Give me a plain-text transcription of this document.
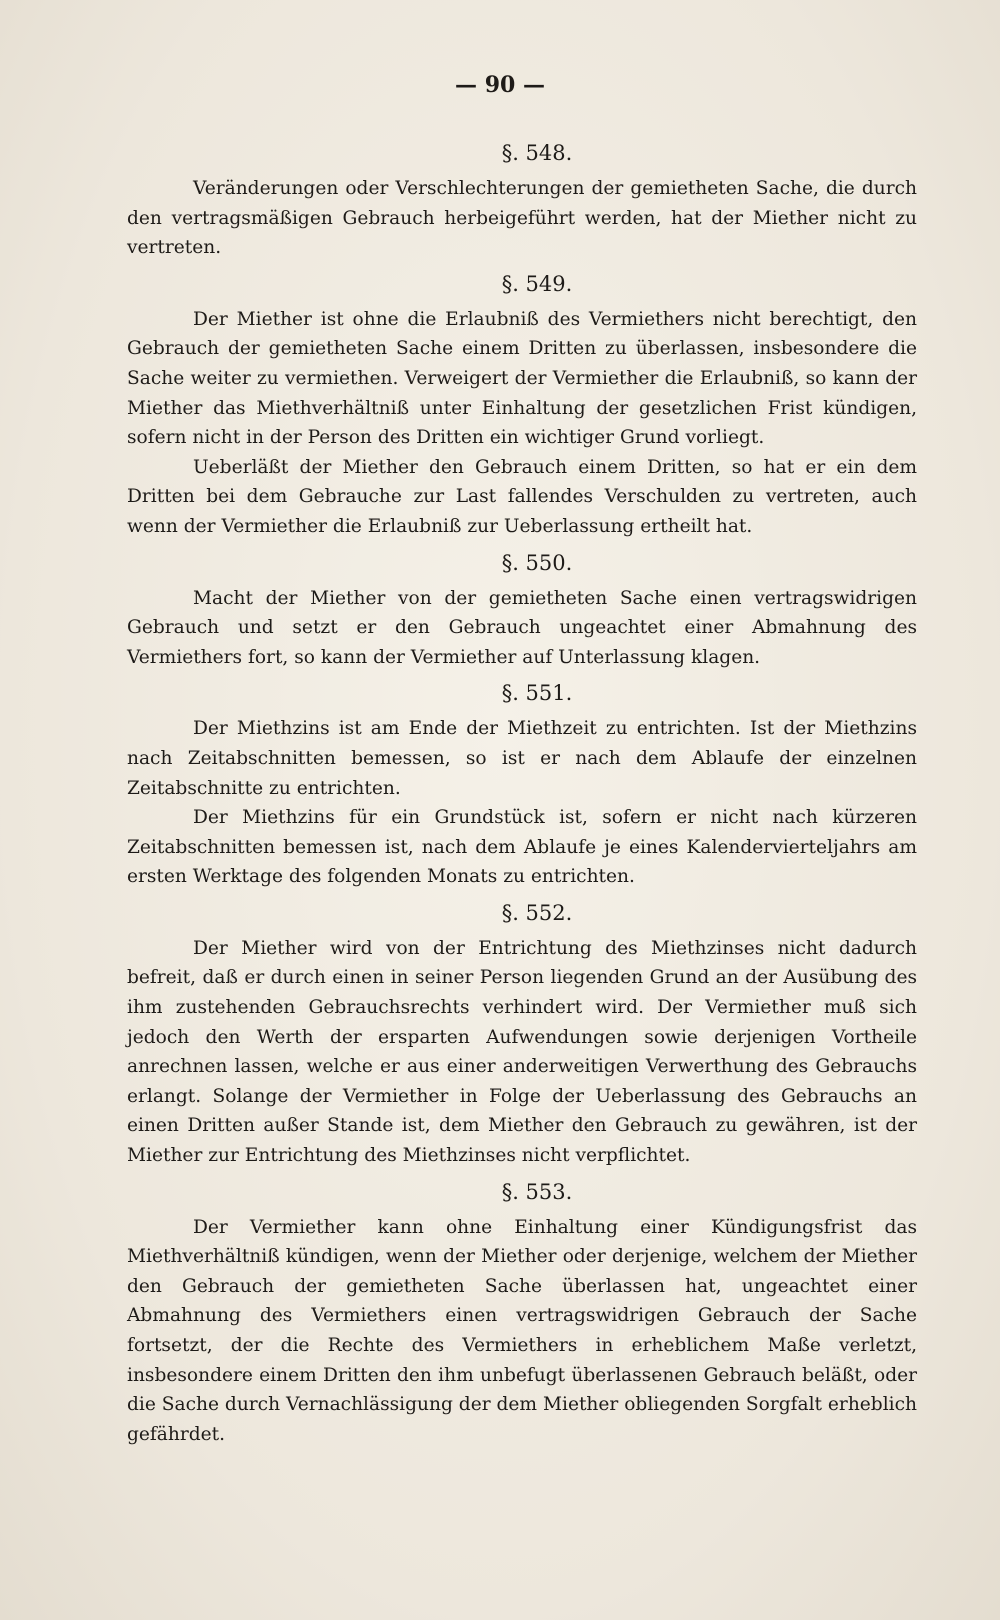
— 90 —
§. 548.

Veränderungen oder Verschlechterungen der gemietheten Sache, die durch den vertragsmäßigen Gebrauch herbeigeführt werden, hat der Miether nicht zu vertreten.

§. 549.

Der Miether ist ohne die Erlaubniß des Vermiethers nicht berechtigt, den Gebrauch der gemietheten Sache einem Dritten zu überlassen, insbesondere die Sache weiter zu vermiethen. Verweigert der Vermiether die Erlaubniß, so kann der Miether das Miethverhältniß unter Einhaltung der gesetzlichen Frist kündigen, sofern nicht in der Person des Dritten ein wichtiger Grund vorliegt.

Ueberläßt der Miether den Gebrauch einem Dritten, so hat er ein dem Dritten bei dem Gebrauche zur Last fallendes Verschulden zu vertreten, auch wenn der Vermiether die Erlaubniß zur Ueberlassung ertheilt hat.

§. 550.

Macht der Miether von der gemietheten Sache einen vertragswidrigen Gebrauch und setzt er den Gebrauch ungeachtet einer Abmahnung des Vermiethers fort, so kann der Vermiether auf Unterlassung klagen.

§. 551.

Der Miethzins ist am Ende der Miethzeit zu entrichten. Ist der Miethzins nach Zeitabschnitten bemessen, so ist er nach dem Ablaufe der einzelnen Zeitabschnitte zu entrichten.

Der Miethzins für ein Grundstück ist, sofern er nicht nach kürzeren Zeitabschnitten bemessen ist, nach dem Ablaufe je eines Kalendervierteljahrs am ersten Werktage des folgenden Monats zu entrichten.

§. 552.

Der Miether wird von der Entrichtung des Miethzinses nicht dadurch befreit, daß er durch einen in seiner Person liegenden Grund an der Ausübung des ihm zustehenden Gebrauchsrechts verhindert wird. Der Vermiether muß sich jedoch den Werth der ersparten Aufwendungen sowie derjenigen Vortheile anrechnen lassen, welche er aus einer anderweitigen Verwerthung des Gebrauchs erlangt. Solange der Vermiether in Folge der Ueberlassung des Gebrauchs an einen Dritten außer Stande ist, dem Miether den Gebrauch zu gewähren, ist der Miether zur Entrichtung des Miethzinses nicht verpflichtet.

§. 553.

Der Vermiether kann ohne Einhaltung einer Kündigungsfrist das Miethverhältniß kündigen, wenn der Miether oder derjenige, welchem der Miether den Gebrauch der gemietheten Sache überlassen hat, ungeachtet einer Abmahnung des Vermiethers einen vertragswidrigen Gebrauch der Sache fortsetzt, der die Rechte des Vermiethers in erheblichem Maße verletzt, insbesondere einem Dritten den ihm unbefugt überlassenen Gebrauch beläßt, oder die Sache durch Vernachlässigung der dem Miether obliegenden Sorgfalt erheblich gefährdet.
